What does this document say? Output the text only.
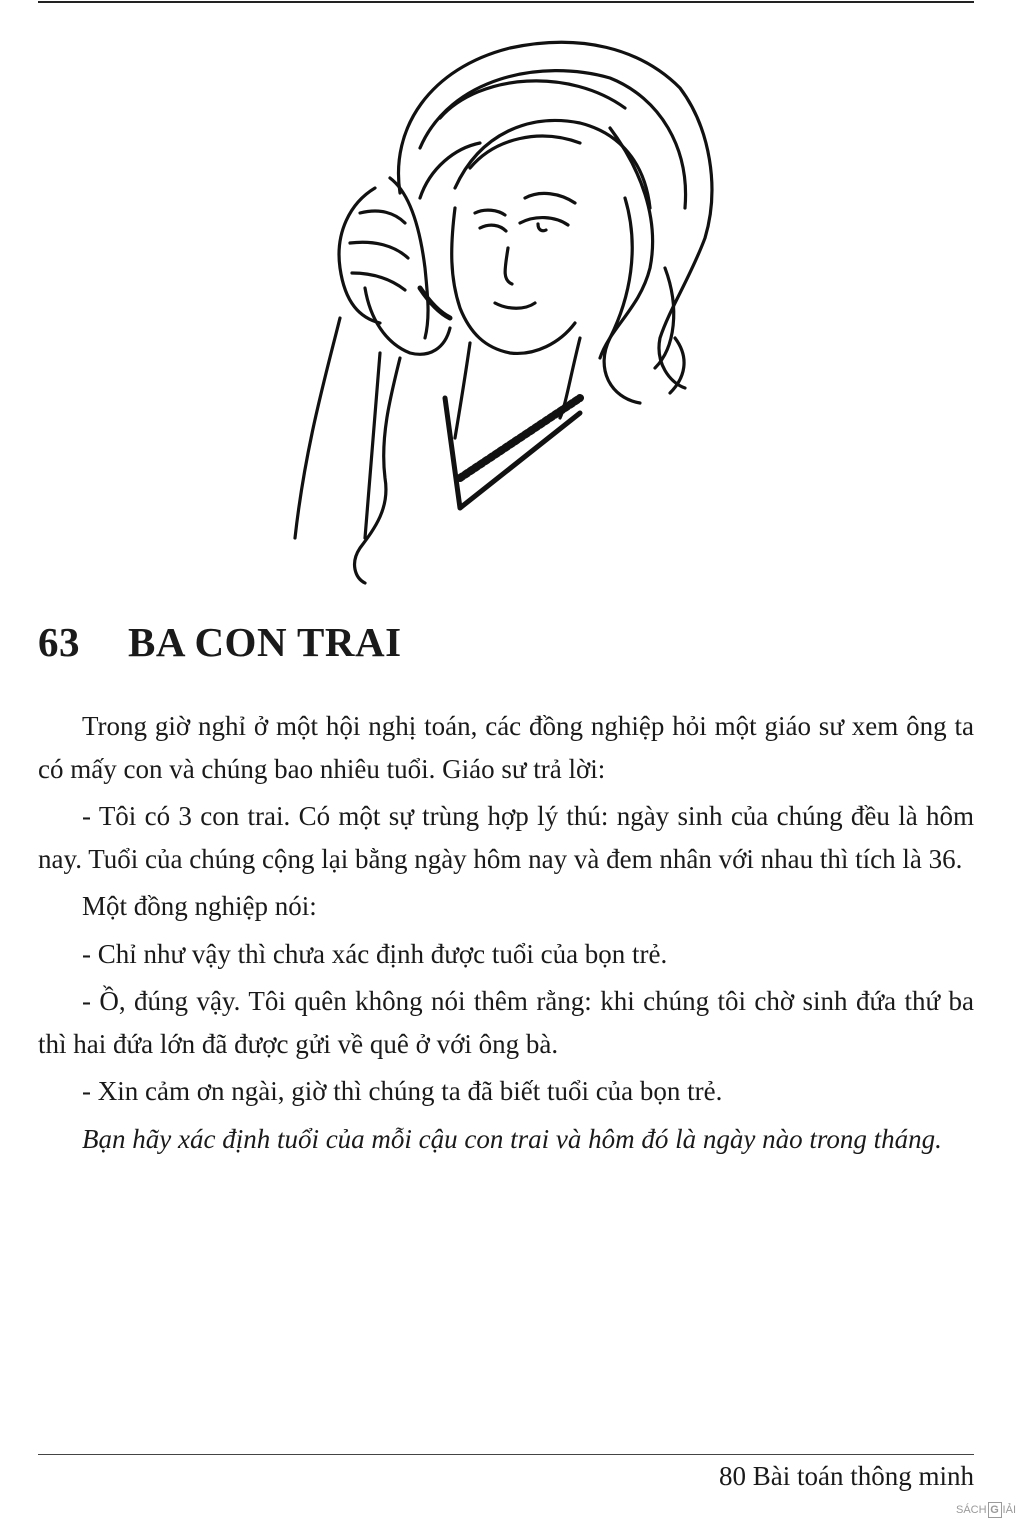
63 BA CON TRAI

Trong giờ nghỉ ở một hội nghị toán, các đồng nghiệp hỏi một giáo sư xem ông ta có mấy con và chúng bao nhiêu tuổi. Giáo sư trả lời:

- Tôi có 3 con trai. Có một sự trùng hợp lý thú: ngày sinh của chúng đều là hôm nay. Tuổi của chúng cộng lại bằng ngày hôm nay và đem nhân với nhau thì tích là 36.

Một đồng nghiệp nói:

- Chỉ như vậy thì chưa xác định được tuổi của bọn trẻ.

- Ồ, đúng vậy. Tôi quên không nói thêm rằng: khi chúng tôi chờ sinh đứa thứ ba thì hai đứa lớn đã được gửi về quê ở với ông bà.

- Xin cảm ơn ngài, giờ thì chúng ta đã biết tuổi của bọn trẻ.

Bạn hãy xác định tuổi của mỗi cậu con trai và hôm đó là ngày nào trong tháng.

80 Bài toán thông minh
SÁCH G IẢI
